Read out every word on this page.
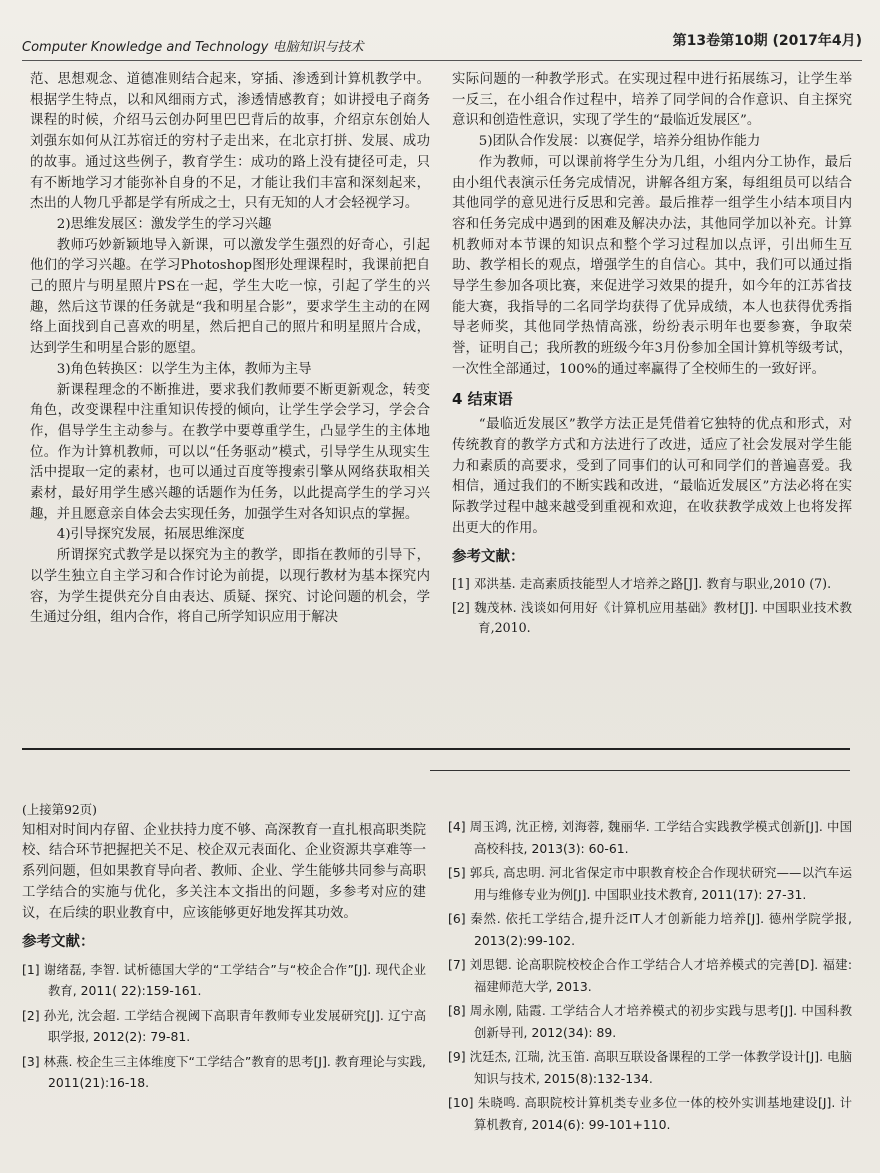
Computer Knowledge and Technology 电脑知识与技术	第13卷第10期 (2017年4月)

范、思想观念、道德准则结合起来，穿插、渗透到计算机教学中。根据学生特点，以和风细雨方式，渗透情感教育；如讲授电子商务课程的时候，介绍马云创办阿里巴巴背后的故事，介绍京东创始人刘强东如何从江苏宿迁的穷村子走出来，在北京打拼、发展、成功的故事。通过这些例子，教育学生：成功的路上没有捷径可走，只有不断地学习才能弥补自身的不足，才能让我们丰富和深刻起来，杰出的人物几乎都是学有所成之士，只有无知的人才会轻视学习。

2)思维发展区：激发学生的学习兴趣

教师巧妙新颖地导入新课，可以激发学生强烈的好奇心，引起他们的学习兴趣。在学习Photoshop图形处理课程时，我课前把自己的照片与明星照片PS在一起，学生大吃一惊，引起了学生的兴趣，然后这节课的任务就是“我和明星合影”，要求学生主动的在网络上面找到自己喜欢的明星，然后把自己的照片和明星照片合成，达到学生和明星合影的愿望。

3)角色转换区：以学生为主体，教师为主导

新课程理念的不断推进，要求我们教师要不断更新观念，转变角色，改变课程中注重知识传授的倾向，让学生学会学习，学会合作，倡导学生主动参与。在教学中要尊重学生，凸显学生的主体地位。作为计算机教师，可以以“任务驱动”模式，引导学生从现实生活中提取一定的素材，也可以通过百度等搜索引擎从网络获取相关素材，最好用学生感兴趣的话题作为任务，以此提高学生的学习兴趣，并且愿意亲自体会去实现任务，加强学生对各知识点的掌握。

4)引导探究发展，拓展思维深度

所谓探究式教学是以探究为主的教学，即指在教师的引导下，以学生独立自主学习和合作讨论为前提，以现行教材为基本探究内容，为学生提供充分自由表达、质疑、探究、讨论问题的机会，学生通过分组，组内合作，将自己所学知识应用于解决

实际问题的一种教学形式。在实现过程中进行拓展练习，让学生举一反三，在小组合作过程中，培养了同学间的合作意识、自主探究意识和创造性意识，实现了学生的“最临近发展区”。

5)团队合作发展：以赛促学，培养分组协作能力

作为教师，可以课前将学生分为几组，小组内分工协作，最后由小组代表演示任务完成情况，讲解各组方案，每组组员可以结合其他同学的意见进行反思和完善。最后推荐一组学生小结本项目内容和任务完成中遇到的困难及解决办法，其他同学加以补充。计算机教师对本节课的知识点和整个学习过程加以点评，引出师生互助、教学相长的观点，增强学生的自信心。其中，我们可以通过指导学生参加各项比赛，来促进学习效果的提升，如今年的江苏省技能大赛，我指导的二名同学均获得了优异成绩，本人也获得优秀指导老师奖，其他同学热情高涨，纷纷表示明年也要参赛，争取荣誉，证明自己；我所教的班级今年3月份参加全国计算机等级考试，一次性全部通过，100%的通过率赢得了全校师生的一致好评。

4 结束语

“最临近发展区”教学方法正是凭借着它独特的优点和形式，对传统教育的教学方式和方法进行了改进，适应了社会发展对学生能力和素质的高要求，受到了同事们的认可和同学们的普遍喜爱。我相信，通过我们的不断实践和改进，“最临近发展区”方法必将在实际教学过程中越来越受到重视和欢迎，在收获教学成效上也将发挥出更大的作用。

参考文献：

[1] 邓洪基. 走高素质技能型人才培养之路[J]. 教育与职业,2010 (7).

[2] 魏茂林. 浅谈如何用好《计算机应用基础》教材[J]. 中国职业技术教育,2010.

(上接第92页)

知相对时间内存留、企业扶持力度不够、高深教育一直扎根高职类院校、结合环节把握把关不足、校企双元表面化、企业资源共享难等一系列问题，但如果教育导向者、教师、企业、学生能够共同参与高职工学结合的实施与优化，多关注本文指出的问题，多参考对应的建议，在后续的职业教育中，应该能够更好地发挥其功效。

参考文献：

[1] 谢绪磊, 李智. 试析德国大学的“工学结合”与“校企合作”[J]. 现代企业教育, 2011( 22):159-161.

[2] 孙光, 沈会超. 工学结合视阈下高职青年教师专业发展研究[J]. 辽宁高职学报, 2012(2): 79-81.

[3] 林燕. 校企生三主体维度下“工学结合”教育的思考[J]. 教育理论与实践, 2011(21):16-18.

[4] 周玉鸿, 沈正榜, 刘海蓉, 魏丽华. 工学结合实践教学模式创新[J]. 中国高校科技, 2013(3): 60-61.

[5] 郭兵, 高忠明. 河北省保定市中职教育校企合作现状研究——以汽车运用与维修专业为例[J]. 中国职业技术教育, 2011(17): 27-31.

[6] 秦然. 依托工学结合,提升泛IT人才创新能力培养[J]. 德州学院学报, 2013(2):99-102.

[7] 刘思锶. 论高职院校校企合作工学结合人才培养模式的完善[D]. 福建: 福建师范大学, 2013.

[8] 周永刚, 陆霞. 工学结合人才培养模式的初步实践与思考[J]. 中国科教创新导刊, 2012(34): 89.

[9] 沈廷杰, 江瑞, 沈玉笛. 高职互联设备课程的工学一体教学设计[J]. 电脑知识与技术, 2015(8):132-134.

[10] 朱晓鸣. 高职院校计算机类专业多位一体的校外实训基地建设[J]. 计算机教育, 2014(6): 99-101+110.
